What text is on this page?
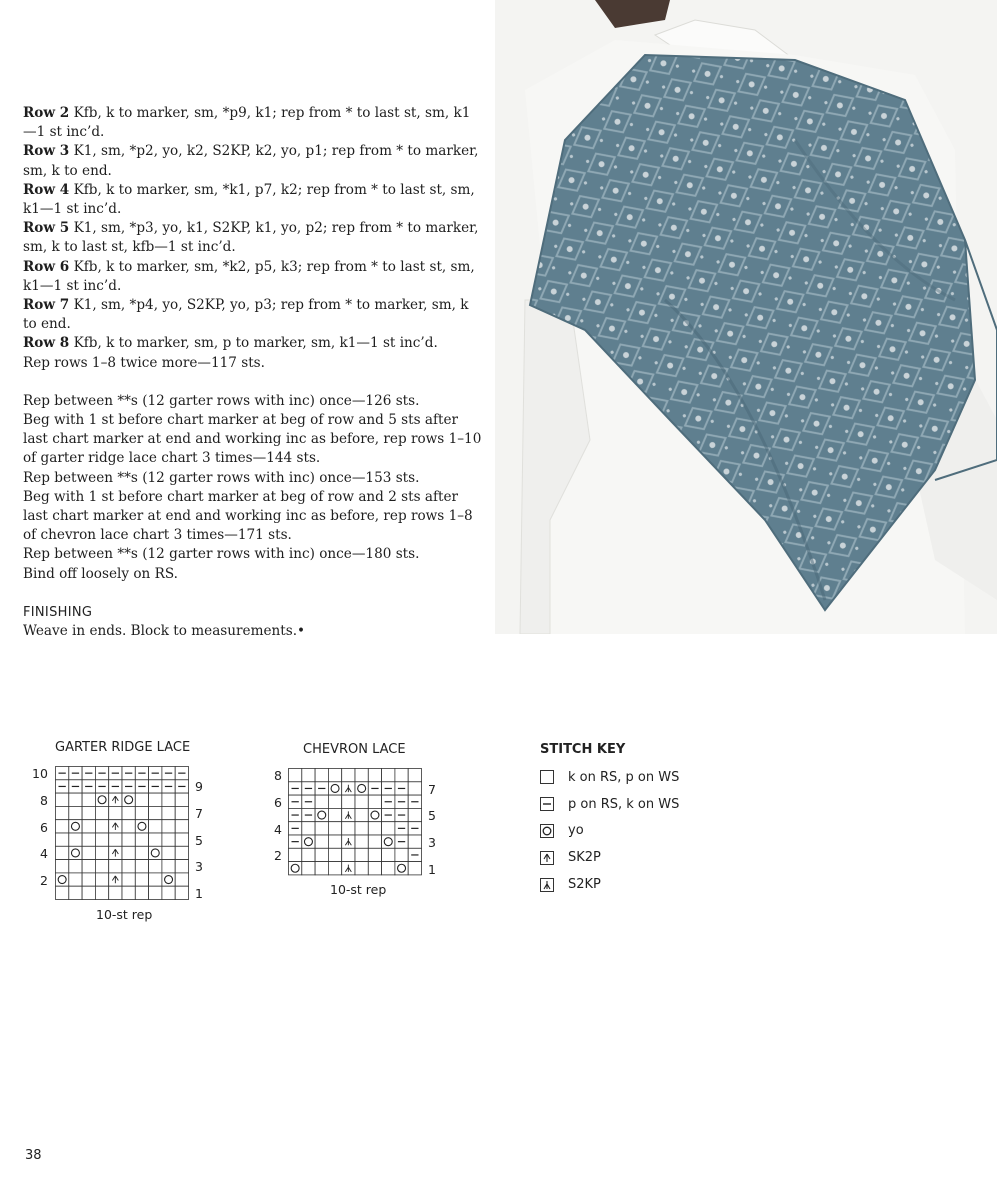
Row 2 Kfb, k to marker, sm, *p9, k1; rep from * to last st, sm, k1—1 st inc’d.

Row 3 K1, sm, *p2, yo, k2, S2KP, k2, yo, p1; rep from * to marker, sm, k to end.

Row 4 Kfb, k to marker, sm, *k1, p7, k2; rep from * to last st, sm, k1—1 st inc’d.

Row 5 K1, sm, *p3, yo, k1, S2KP, k1, yo, p2; rep from * to marker, sm, k to last st, kfb—1 st inc’d.

Row 6 Kfb, k to marker, sm, *k2, p5, k3; rep from * to last st, sm, k1—1 st inc’d.

Row 7 K1, sm, *p4, yo, S2KP, yo, p3; rep from * to marker, sm, k to end.

Row 8 Kfb, k to marker, sm, p to marker, sm, k1—1 st inc’d.

Rep rows 1–8 twice more—117 sts.

Rep between **s (12 garter rows with inc) once—126 sts.

Beg with 1 st before chart marker at beg of row and 5 sts after last chart marker at end and working inc as before, rep rows 1–10 of garter ridge lace chart 3 times—144 sts.

Rep between **s (12 garter rows with inc) once—153 sts.

Beg with 1 st before chart marker at beg of row and 2 sts after last chart marker at end and working inc as before, rep rows 1–8 of chevron lace chart 3 times—171 sts.

Rep between **s (12 garter rows with inc) once—180 sts.

Bind off loosely on RS.

FINISHING

Weave in ends. Block to measurements.•

GARTER RIDGE LACE
10
8
6
4
2
9
7
5
3
1
10-st rep
CHEVRON LACE
8
6
4
2
7
5
3
1
10-st rep
STITCH KEY
k on RS, p on WS
p on RS, k on WS
yo
SK2P
S2KP
38
